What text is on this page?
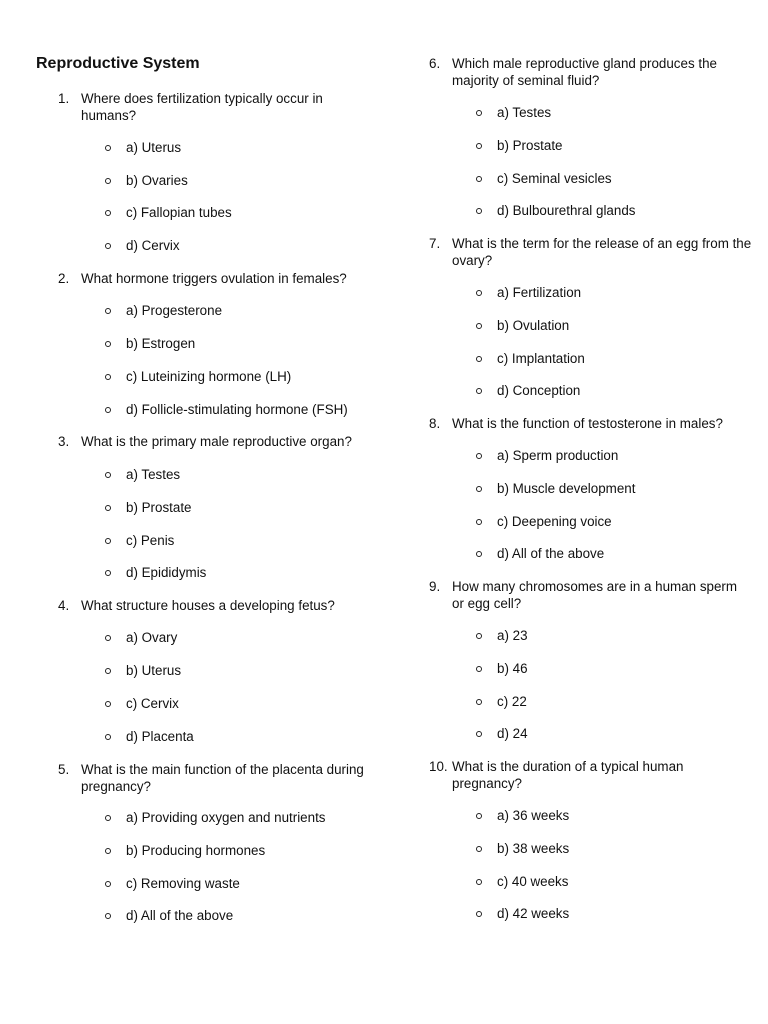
Reproductive System
1. Where does fertilization typically occur in humans?
a) Uterus
b) Ovaries
c) Fallopian tubes
d) Cervix
2. What hormone triggers ovulation in females?
a) Progesterone
b) Estrogen
c) Luteinizing hormone (LH)
d) Follicle-stimulating hormone (FSH)
3. What is the primary male reproductive organ?
a) Testes
b) Prostate
c) Penis
d) Epididymis
4. What structure houses a developing fetus?
a) Ovary
b) Uterus
c) Cervix
d) Placenta
5. What is the main function of the placenta during pregnancy?
a) Providing oxygen and nutrients
b) Producing hormones
c) Removing waste
d) All of the above
6. Which male reproductive gland produces the majority of seminal fluid?
a) Testes
b) Prostate
c) Seminal vesicles
d) Bulbourethral glands
7. What is the term for the release of an egg from the ovary?
a) Fertilization
b) Ovulation
c) Implantation
d) Conception
8. What is the function of testosterone in males?
a) Sperm production
b) Muscle development
c) Deepening voice
d) All of the above
9. How many chromosomes are in a human sperm or egg cell?
a) 23
b) 46
c) 22
d) 24
10. What is the duration of a typical human pregnancy?
a) 36 weeks
b) 38 weeks
c) 40 weeks
d) 42 weeks
